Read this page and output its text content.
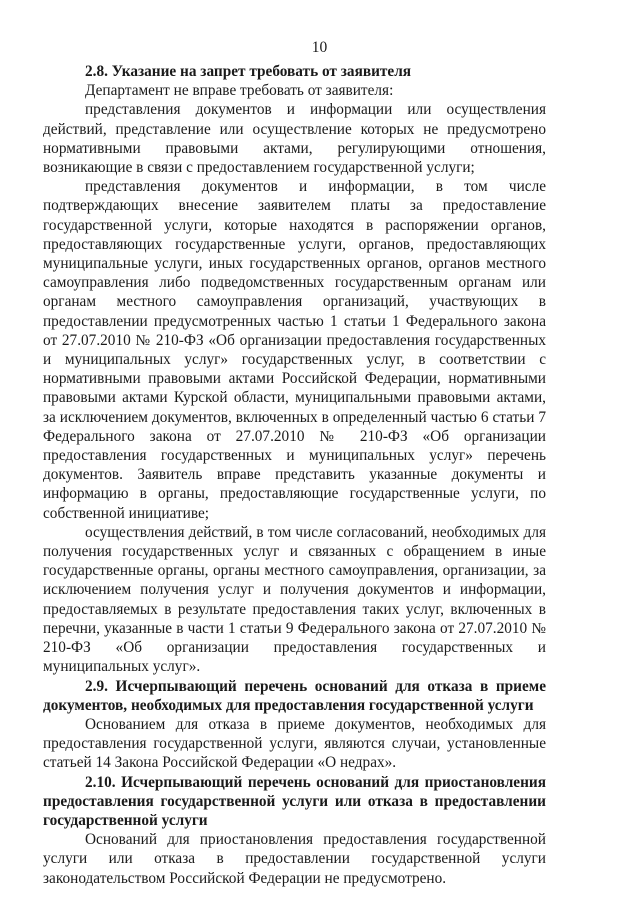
10

2.8. Указание на запрет требовать от заявителя

Департамент не вправе требовать от заявителя:

представления документов и информации или осуществления действий, представление или осуществление которых не предусмотрено нормативными правовыми актами, регулирующими отношения, возникающие в связи с предоставлением государственной услуги;

представления документов и информации, в том числе подтверждающих внесение заявителем платы за предоставление государственной услуги, которые находятся в распоряжении органов, предоставляющих государственные услуги, органов, предоставляющих муниципальные услуги, иных государственных органов, органов местного самоуправления либо подведомственных государственным органам или органам местного самоуправления организаций, участвующих в предоставлении предусмотренных частью 1 статьи 1 Федерального закона от 27.07.2010 № 210-ФЗ «Об организации предоставления государственных и муниципальных услуг» государственных услуг, в соответствии с нормативными правовыми актами Российской Федерации, нормативными правовыми актами Курской области, муниципальными правовыми актами, за исключением документов, включенных в определенный частью 6 статьи 7 Федерального закона от 27.07.2010 № 210-ФЗ «Об организации предоставления государственных и муниципальных услуг» перечень документов. Заявитель вправе представить указанные документы и информацию в органы, предоставляющие государственные услуги, по собственной инициативе;

осуществления действий, в том числе согласований, необходимых для получения государственных услуг и связанных с обращением в иные государственные органы, органы местного самоуправления, организации, за исключением получения услуг и получения документов и информации, предоставляемых в результате предоставления таких услуг, включенных в перечни, указанные в части 1 статьи 9 Федерального закона от 27.07.2010 № 210-ФЗ «Об организации предоставления государственных и муниципальных услуг».

2.9. Исчерпывающий перечень оснований для отказа в приеме документов, необходимых для предоставления государственной услуги

Основанием для отказа в приеме документов, необходимых для предоставления государственной услуги, являются случаи, установленные статьей 14 Закона Российской Федерации «О недрах».

2.10. Исчерпывающий перечень оснований для приостановления предоставления государственной услуги или отказа в предоставлении государственной услуги

Оснований для приостановления предоставления государственной услуги или отказа в предоставлении государственной услуги законодательством Российской Федерации не предусмотрено.
